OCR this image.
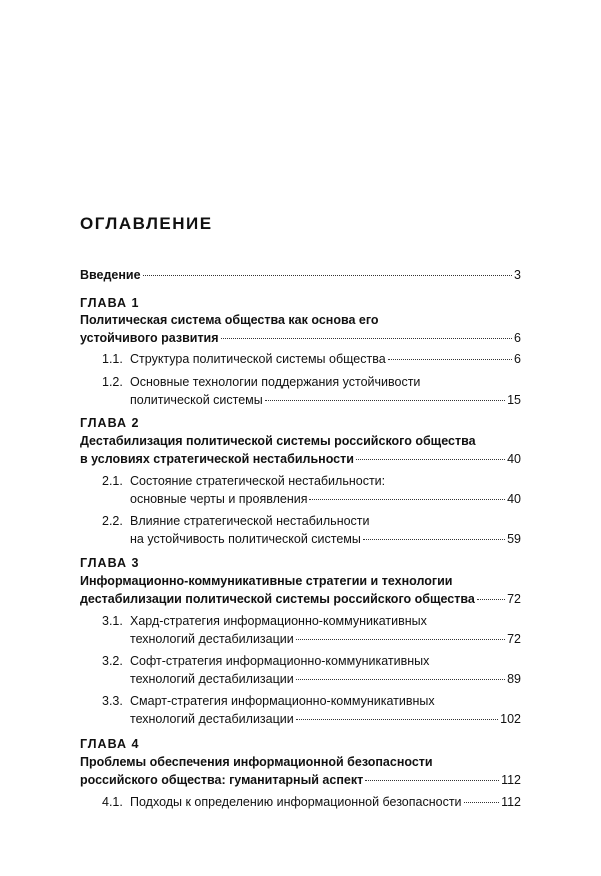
ОГЛАВЛЕНИЕ
Введение	3
ГЛАВА 1
Политическая система общества как основа его
устойчивого развития	6
1.1. Структура политической системы общества	6
1.2. Основные технологии поддержания устойчивости
политической системы	15
ГЛАВА 2
Дестабилизация политической системы российского общества
в условиях стратегической нестабильности	40
2.1. Состояние стратегической нестабильности:
основные черты и проявления	40
2.2. Влияние стратегической нестабильности
на устойчивость политической системы	59
ГЛАВА 3
Информационно-коммуникативные стратегии и технологии
дестабилизации политической системы российского общества	72
3.1. Хард-стратегия информационно-коммуникативных
технологий дестабилизации	72
3.2. Софт-стратегия информационно-коммуникативных
технологий дестабилизации	89
3.3. Смарт-стратегия информационно-коммуникативных
технологий дестабилизации	102
ГЛАВА 4
Проблемы обеспечения информационной безопасности
российского общества: гуманитарный аспект	112
4.1. Подходы к определению информационной безопасности	112
